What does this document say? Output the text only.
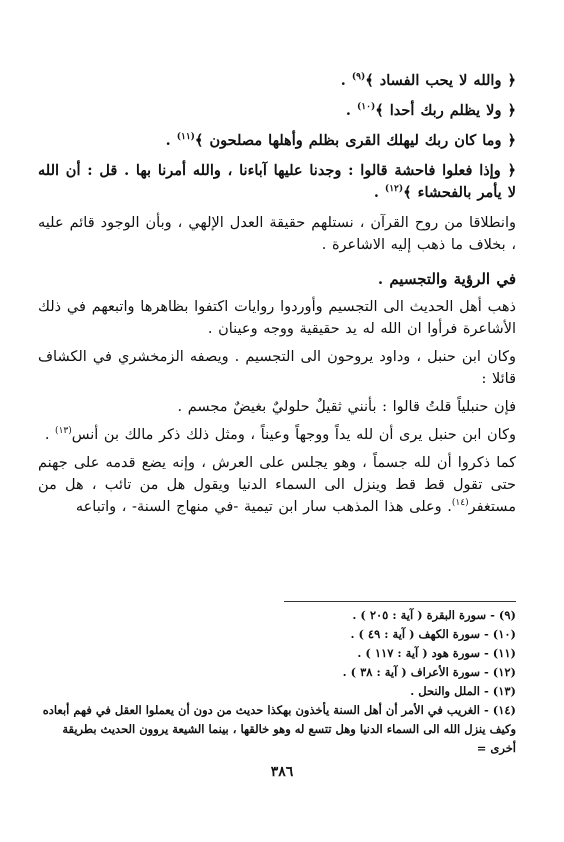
﴿ والله لا يحب الفساد ﴾$^{(٩)}$ .
﴿ ولا يظلم ربك أحدا ﴾$^{(١٠)}$ .
﴿ وما كان ربك ليهلك القرى بظلم وأهلها مصلحون ﴾$^{(١١)}$ .
﴿ وإذا فعلوا فاحشة قالوا : وجدنا عليها آباءنا ، والله أمرنا بها . قل : أن الله لا يأمر بالفحشاء ﴾$^{(١٢)}$ .
وانطلاقا من روح القرآن ، نستلهم حقيقة العدل الإلهي ، وبأن الوجود قائم عليه ، بخلاف ما ذهب إليه الاشاعرة .
في الرؤية والتجسيم .
ذهب أهل الحديث الى التجسيم وأوردوا روايات اكتفوا بظاهرها واتبعهم في ذلك الأشاعرة فرأوا ان الله له يد حقيقية ووجه وعينان .
وكان ابن حنبل ، وداود يروحون الى التجسيم . ويصفه الزمخشري في الكشاف قائلا :
فإن حنبلياً قلتُ قالوا : بأنني ثقيلٌ حلوليٌ بغيضٌ مجسم .
وكان ابن حنبل يرى أن لله يداً ووجهاً وعيناً ، ومثل ذلك ذكر مالك بن أنس$^{(١٣)}$ .
كما ذكروا أن لله جسماً ، وهو يجلس على العرش ، وإنه يضع قدمه على جهنم حتى تقول قط قط وينزل الى السماء الدنيا ويقول هل من تائب ، هل من مستغفر$^{(١٤)}$. وعلى هذا المذهب سار ابن تيمية -في منهاج السنة- ، واتباعه
(٩) - سورة البقرة ( آية : ٢٠٥ ) .
(١٠) - سورة الكهف ( آية : ٤٩ ) .
(١١) - سورة هود ( آية : ١١٧ ) .
(١٢) - سورة الأعراف ( آية : ٣٨ ) .
(١٣) - الملل والنحل .
(١٤) - الغريب في الأمر أن أهل السنة يأخذون بهكذا حديث من دون أن يعملوا العقل في فهم أبعاده وكيف ينزل الله الى السماء الدنيا وهل تتسع له وهو خالقها ، بينما الشيعة يروون الحديث بطريقة أخرى =
٣٨٦
